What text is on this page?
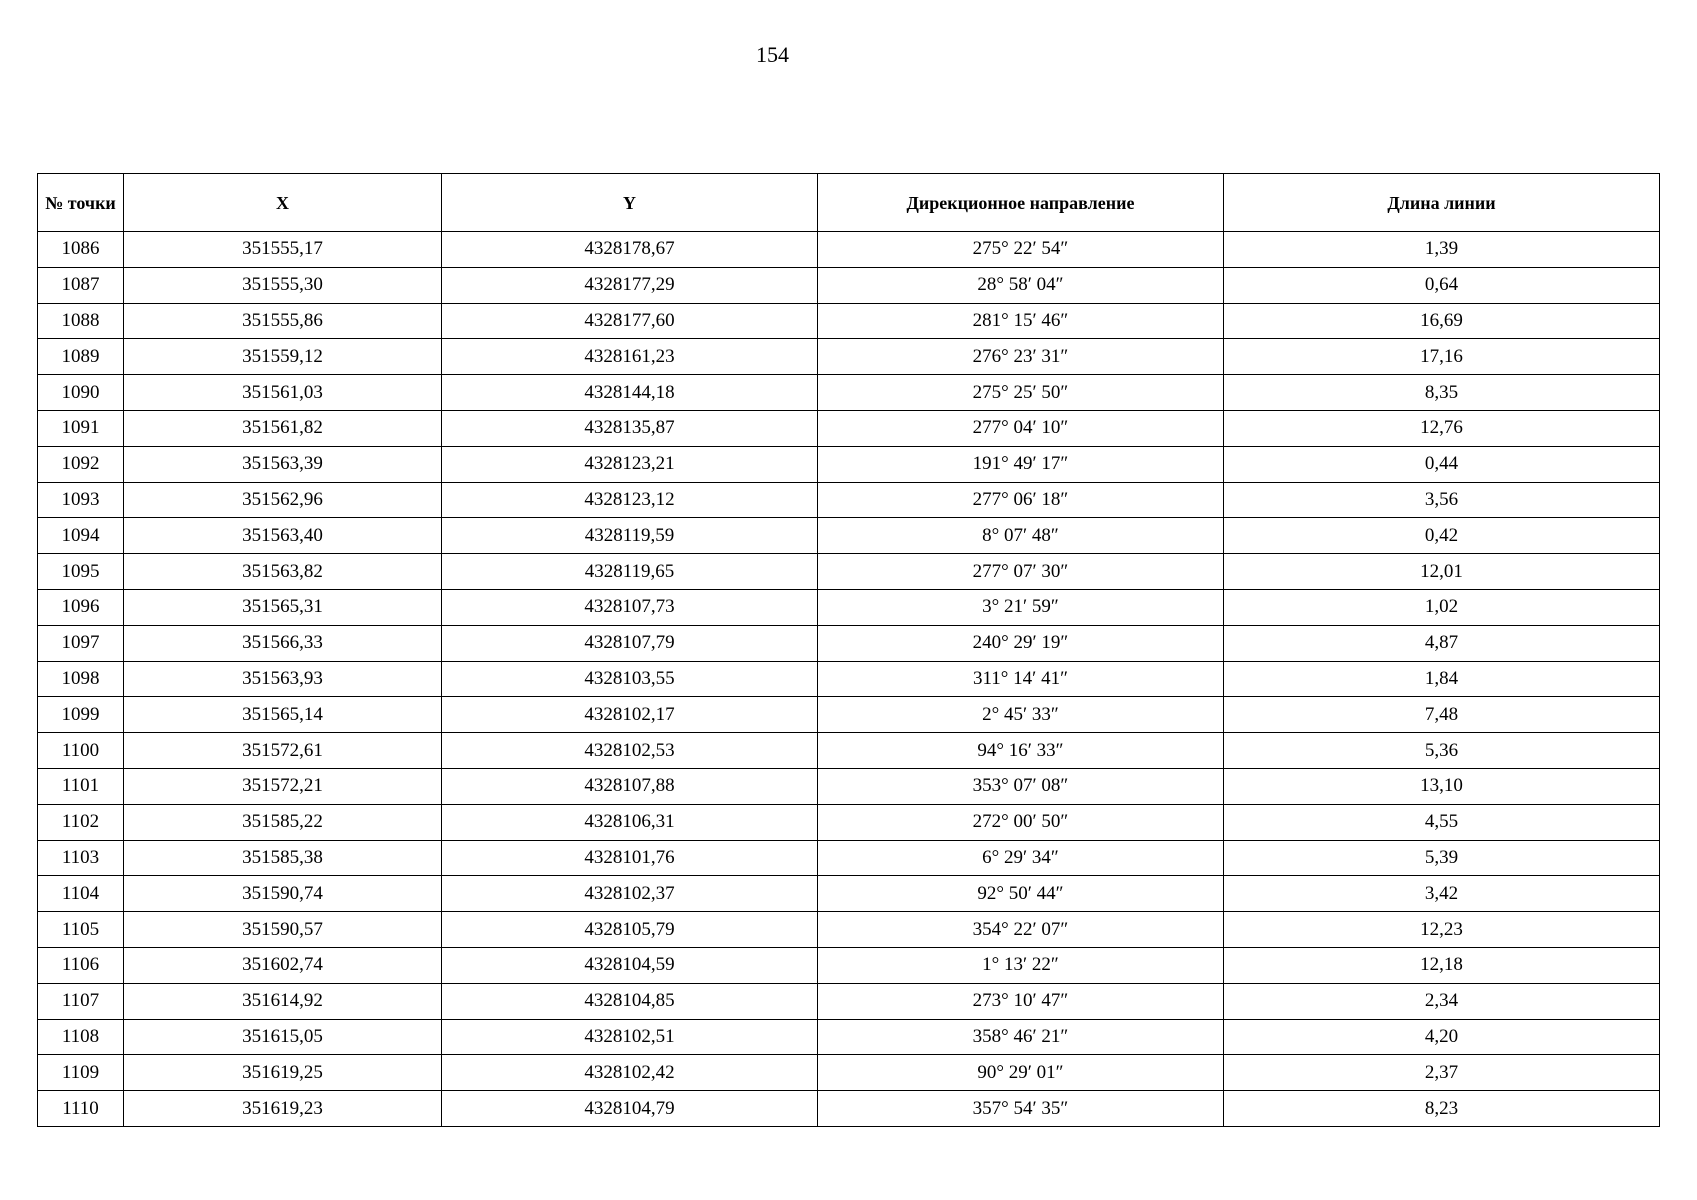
154
№ точки	X	Y	Дирекционное направление	Длина линии
1086	351555,17	4328178,67	275° 22′ 54″	1,39
1087	351555,30	4328177,29	28° 58′ 04″	0,64
1088	351555,86	4328177,60	281° 15′ 46″	16,69
1089	351559,12	4328161,23	276° 23′ 31″	17,16
1090	351561,03	4328144,18	275° 25′ 50″	8,35
1091	351561,82	4328135,87	277° 04′ 10″	12,76
1092	351563,39	4328123,21	191° 49′ 17″	0,44
1093	351562,96	4328123,12	277° 06′ 18″	3,56
1094	351563,40	4328119,59	8° 07′ 48″	0,42
1095	351563,82	4328119,65	277° 07′ 30″	12,01
1096	351565,31	4328107,73	3° 21′ 59″	1,02
1097	351566,33	4328107,79	240° 29′ 19″	4,87
1098	351563,93	4328103,55	311° 14′ 41″	1,84
1099	351565,14	4328102,17	2° 45′ 33″	7,48
1100	351572,61	4328102,53	94° 16′ 33″	5,36
1101	351572,21	4328107,88	353° 07′ 08″	13,10
1102	351585,22	4328106,31	272° 00′ 50″	4,55
1103	351585,38	4328101,76	6° 29′ 34″	5,39
1104	351590,74	4328102,37	92° 50′ 44″	3,42
1105	351590,57	4328105,79	354° 22′ 07″	12,23
1106	351602,74	4328104,59	1° 13′ 22″	12,18
1107	351614,92	4328104,85	273° 10′ 47″	2,34
1108	351615,05	4328102,51	358° 46′ 21″	4,20
1109	351619,25	4328102,42	90° 29′ 01″	2,37
1110	351619,23	4328104,79	357° 54′ 35″	8,23
